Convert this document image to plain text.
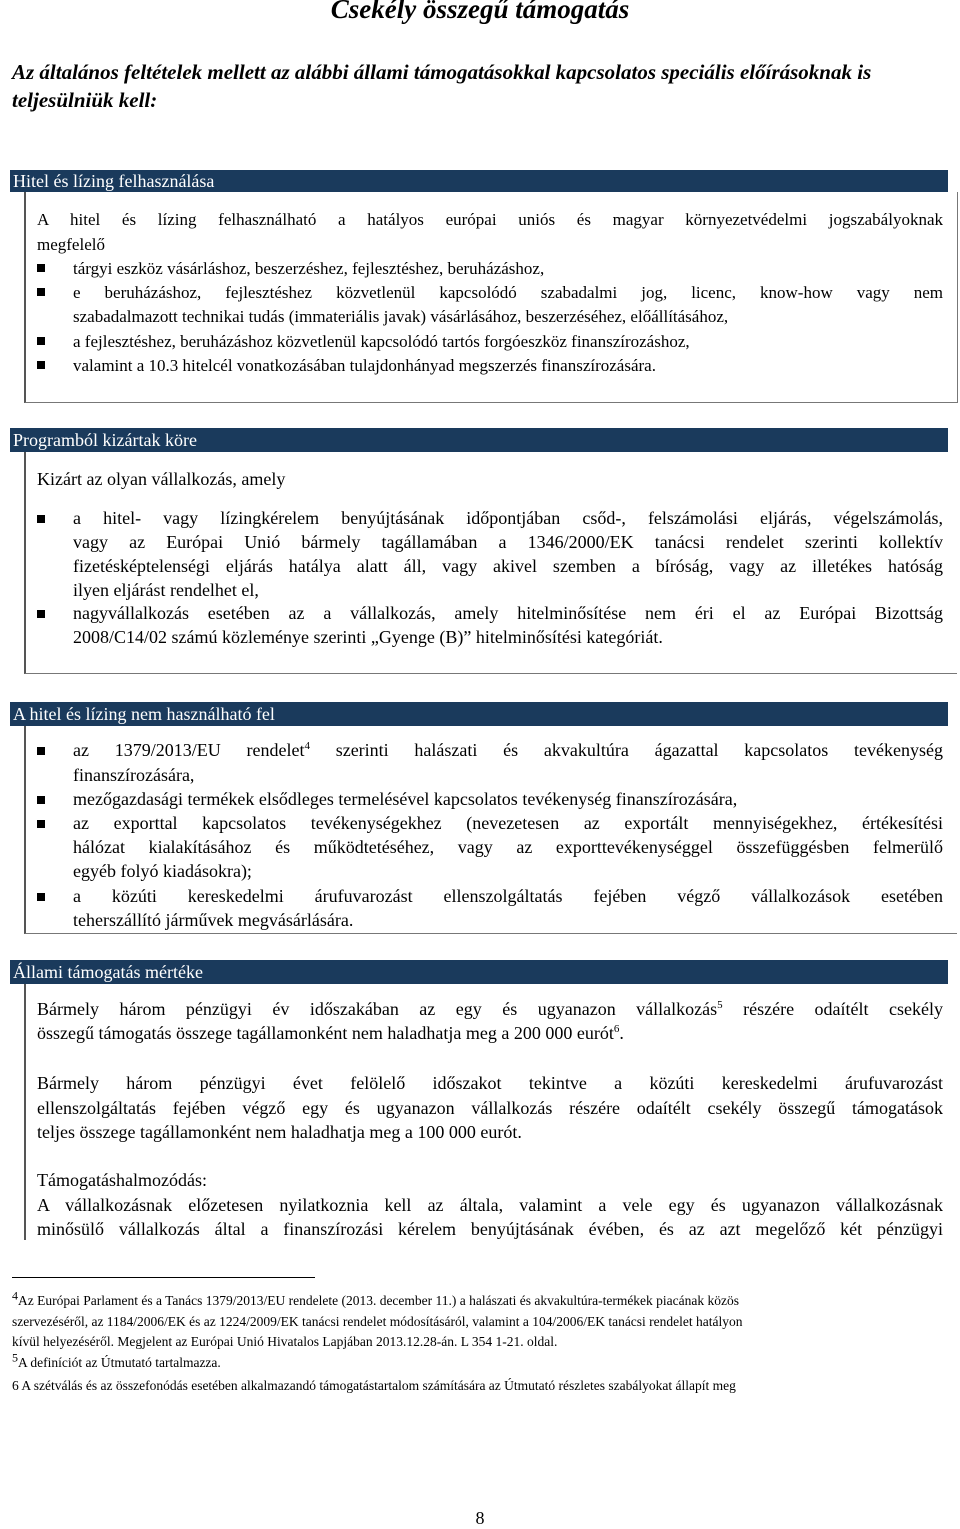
Csekély összegű támogatás
Az általános feltételek mellett az alábbi állami támogatásokkal kapcsolatos speciális előírásoknak is teljesülniük kell:
Hitel és lízing felhasználása
A hitel és lízing felhasználható a hatályos európai uniós és magyar környezetvédelmi jogszabályoknak
megfelelő
tárgyi eszköz vásárláshoz, beszerzéshez, fejlesztéshez, beruházáshoz,
e beruházáshoz, fejlesztéshez közvetlenül kapcsolódó szabadalmi jog, licenc, know-how vagy nem
szabadalmazott technikai tudás (immateriális javak) vásárlásához, beszerzéséhez, előállításához,
a fejlesztéshez, beruházáshoz közvetlenül kapcsolódó tartós forgóeszköz finanszírozáshoz,
valamint a 10.3 hitelcél vonatkozásában tulajdonhányad megszerzés finanszírozására.
Programból kizártak köre
Kizárt az olyan vállalkozás, amely
a hitel- vagy lízingkérelem benyújtásának időpontjában csőd-, felszámolási eljárás, végelszámolás,
vagy az Európai Unió bármely tagállamában a 1346/2000/EK tanácsi rendelet szerinti kollektív
fizetésképtelenségi eljárás hatálya alatt áll, vagy akivel szemben a bíróság, vagy az illetékes hatóság
ilyen eljárást rendelhet el,
nagyvállalkozás esetében az a vállalkozás, amely hitelminősítése nem éri el az Európai Bizottság
2008/C14/02 számú közleménye szerinti „Gyenge (B)” hitelminősítési kategóriát.
A hitel és lízing nem használható fel
az 1379/2013/EU rendelet$^4$ szerinti halászati és akvakultúra ágazattal kapcsolatos tevékenység
finanszírozására,
mezőgazdasági termékek elsődleges termelésével kapcsolatos tevékenység finanszírozására,
az exporttal kapcsolatos tevékenységekhez (nevezetesen az exportált mennyiségekhez, értékesítési
hálózat kialakításához és működtetéséhez, vagy az exporttevékenységgel összefüggésben felmerülő
egyéb folyó kiadásokra);
a közúti kereskedelmi árufuvarozást ellenszolgáltatás fejében végző vállalkozások esetében
teherszállító járművek megvásárlására.
Állami támogatás mértéke
Bármely három pénzügyi év időszakában az egy és ugyanazon vállalkozás$^5$ részére odaítélt csekély
összegű támogatás összege tagállamonként nem haladhatja meg a 200 000 eurót$^6$.
Bármely három pénzügyi évet felölelő időszakot tekintve a közúti kereskedelmi árufuvarozást
ellenszolgáltatás fejében végző egy és ugyanazon vállalkozás részére odaítélt csekély összegű támogatások
teljes összege tagállamonként nem haladhatja meg a 100 000 eurót.
Támogatáshalmozódás:
A vállalkozásnak előzetesen nyilatkoznia kell az általa, valamint a vele egy és ugyanazon vállalkozásnak
minősülő vállalkozás által a finanszírozási kérelem benyújtásának évében, és az azt megelőző két pénzügyi
$^4$Az Európai Parlament és a Tanács 1379/2013/EU rendelete (2013. december 11.) a halászati és akvakultúra-termékek piacának közös
szervezéséről, az 1184/2006/EK és az 1224/2009/EK tanácsi rendelet módosításáról, valamint a 104/2006/EK tanácsi rendelet hatályon
kívül helyezéséről. Megjelent az Európai Unió Hivatalos Lapjában 2013.12.28-án. L 354 1-21. oldal.
$^5$A definíciót az Útmutató tartalmazza.
6 A szétválás és az összefonódás esetében alkalmazandó támogatástartalom számítására az Útmutató részletes szabályokat állapít meg
8
